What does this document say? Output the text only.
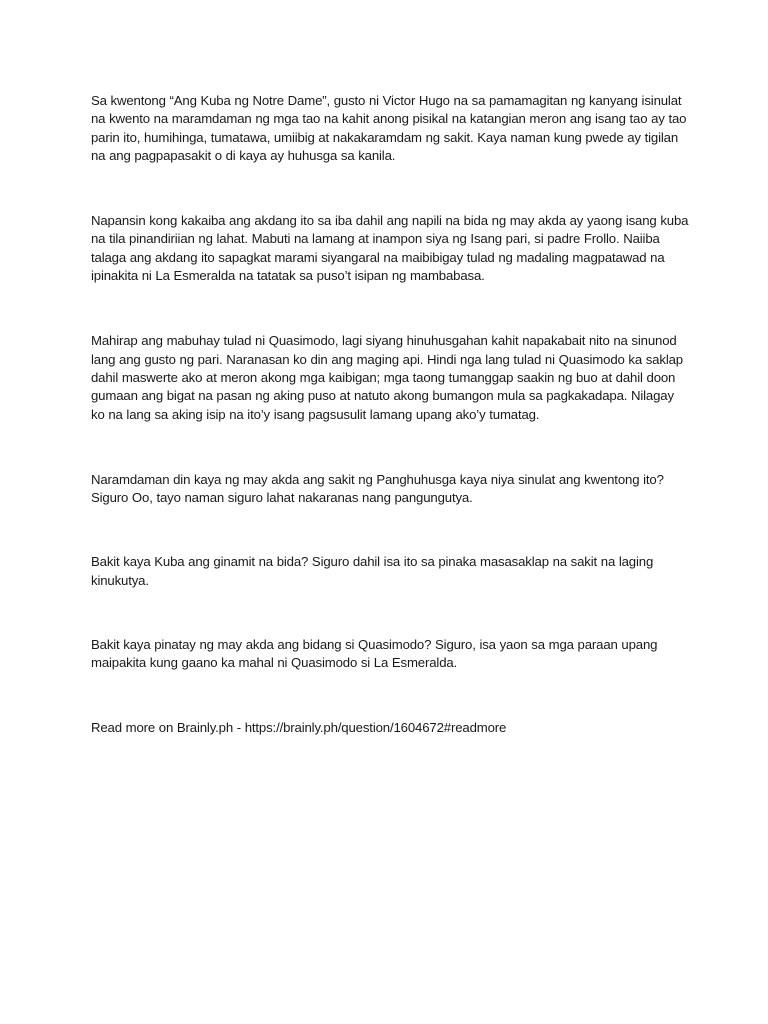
Sa kwentong “Ang Kuba ng Notre Dame”, gusto ni Victor Hugo na sa pamamagitan ng kanyang isinulat na kwento na maramdaman ng mga tao na kahit anong pisikal na katangian meron ang isang tao ay tao parin ito, humihinga, tumatawa, umiibig at nakakaramdam ng sakit. Kaya naman kung pwede ay tigilan na ang pagpapasakit o di kaya ay huhusga sa kanila.

Napansin kong kakaiba ang akdang ito sa iba dahil ang napili na bida ng may akda ay yaong isang kuba na tila pinandiriian ng lahat. Mabuti na lamang at inampon siya ng Isang pari, si padre Frollo. Naiiba talaga ang akdang ito sapagkat marami siyangaral na maibibigay tulad ng madaling magpatawad na ipinakita ni La Esmeralda na tatatak sa puso’t isipan ng mambabasa.

Mahirap ang mabuhay tulad ni Quasimodo, lagi siyang hinuhusgahan kahit napakabait nito na sinunod lang ang gusto ng pari. Naranasan ko din ang maging api. Hindi nga lang tulad ni Quasimodo ka saklap dahil maswerte ako at meron akong mga kaibigan; mga taong tumanggap saakin ng buo at dahil doon gumaan ang bigat na pasan ng aking puso at natuto akong bumangon mula sa pagkakadapa. Nilagay ko na lang sa aking isip na ito’y isang pagsusulit lamang upang ako’y tumatag.

Naramdaman din kaya ng may akda ang sakit ng Panghuhusga kaya niya sinulat ang kwentong ito? Siguro Oo, tayo naman siguro lahat nakaranas nang pangungutya.

Bakit kaya Kuba ang ginamit na bida? Siguro dahil isa ito sa pinaka masasaklap na sakit na laging kinukutya.

Bakit kaya pinatay ng may akda ang bidang si Quasimodo? Siguro, isa yaon sa mga paraan upang maipakita kung gaano ka mahal ni Quasimodo si La Esmeralda.

Read more on Brainly.ph - https://brainly.ph/question/1604672#readmore
